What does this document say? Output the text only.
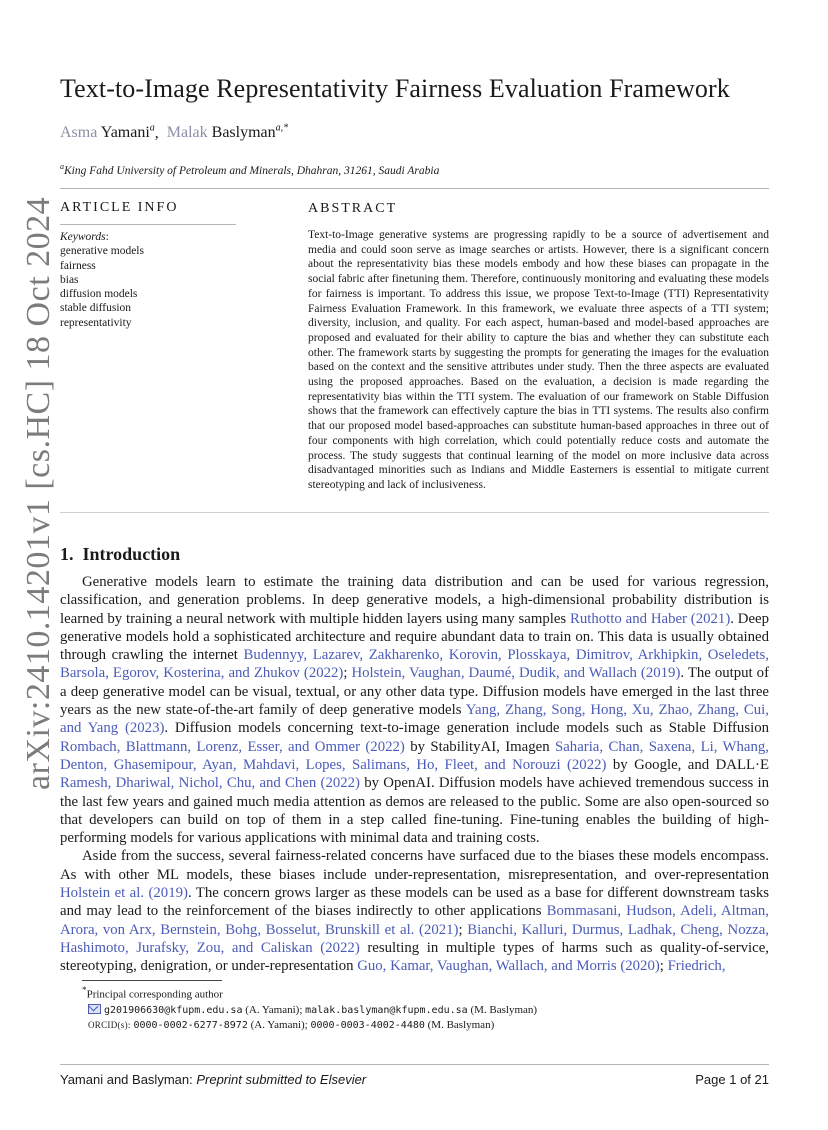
Text-to-Image Representativity Fairness Evaluation Framework
Asma Yamani$^a$,  Malak Baslyman$^{a,*}$
$^a$King Fahd University of Petroleum and Minerals, Dhahran, 31261, Saudi Arabia
ARTICLE INFO
Keywords:
generative models
fairness
bias
diffusion models
stable diffusion
representativity
ABSTRACT
Text-to-Image generative systems are progressing rapidly to be a source of advertisement and media and could soon serve as image searches or artists. However, there is a significant concern about the representativity bias these models embody and how these biases can propagate in the social fabric after finetuning them. Therefore, continuously monitoring and evaluating these models for fairness is important. To address this issue, we propose Text-to-Image (TTI) Representativity Fairness Evaluation Framework. In this framework, we evaluate three aspects of a TTI system; diversity, inclusion, and quality. For each aspect, human-based and model-based approaches are proposed and evaluated for their ability to capture the bias and whether they can substitute each other. The framework starts by suggesting the prompts for generating the images for the evaluation based on the context and the sensitive attributes under study. Then the three aspects are evaluated using the proposed approaches. Based on the evaluation, a decision is made regarding the representativity bias within the TTI system. The evaluation of our framework on Stable Diffusion shows that the framework can effectively capture the bias in TTI systems. The results also confirm that our proposed model based-approaches can substitute human-based approaches in three out of four components with high correlation, which could potentially reduce costs and automate the process. The study suggests that continual learning of the model on more inclusive data across disadvantaged minorities such as Indians and Middle Easterners is essential to mitigate current stereotyping and lack of inclusiveness.
arXiv:2410.14201v1 [cs.HC] 18 Oct 2024 1. Introduction

Generative models learn to estimate the training data distribution and can be used for various regression, classification, and generation problems. In deep generative models, a high-dimensional probability distribution is learned by training a neural network with multiple hidden layers using many samples Ruthotto and Haber (2021). Deep generative models hold a sophisticated architecture and require abundant data to train on. This data is usually obtained through crawling the internet Budennyy, Lazarev, Zakharenko, Korovin, Plosskaya, Dimitrov, Arkhipkin, Oseledets, Barsola, Egorov, Kosterina, and Zhukov (2022); Holstein, Vaughan, Daumé, Dudik, and Wallach (2019). The output of a deep generative model can be visual, textual, or any other data type. Diffusion models have emerged in the last three years as the new state-of-the-art family of deep generative models Yang, Zhang, Song, Hong, Xu, Zhao, Zhang, Cui, and Yang (2023). Diffusion models concerning text-to-image generation include models such as Stable Diffusion Rombach, Blattmann, Lorenz, Esser, and Ommer (2022) by StabilityAI, Imagen Saharia, Chan, Saxena, Li, Whang, Denton, Ghasemipour, Ayan, Mahdavi, Lopes, Salimans, Ho, Fleet, and Norouzi (2022) by Google, and DALL·E Ramesh, Dhariwal, Nichol, Chu, and Chen (2022) by OpenAI. Diffusion models have achieved tremendous success in the last few years and gained much media attention as demos are released to the public. Some are also open-sourced so that developers can build on top of them in a step called fine-tuning. Fine-tuning enables the building of high-performing models for various applications with minimal data and training costs.

Aside from the success, several fairness-related concerns have surfaced due to the biases these models encompass. As with other ML models, these biases include under-representation, misrepresentation, and over-representation Holstein et al. (2019). The concern grows larger as these models can be used as a base for different downstream tasks and may lead to the reinforcement of the biases indirectly to other applications Bommasani, Hudson, Adeli, Altman, Arora, von Arx, Bernstein, Bohg, Bosselut, Brunskill et al. (2021); Bianchi, Kalluri, Durmus, Ladhak, Cheng, Nozza, Hashimoto, Jurafsky, Zou, and Caliskan (2022) resulting in multiple types of harms such as quality-of-service, stereotyping, denigration, or under-representation Guo, Kamar, Vaughan, Wallach, and Morris (2020); Friedrich,

*Principal corresponding author
g201906630@kfupm.edu.sa (A. Yamani); malak.baslyman@kfupm.edu.sa (M. Baslyman)
ORCID(s): 0000-0002-6277-8972 (A. Yamani); 0000-0003-4002-4480 (M. Baslyman)
Yamani and Baslyman: Preprint submitted to Elsevier	Page 1 of 21
